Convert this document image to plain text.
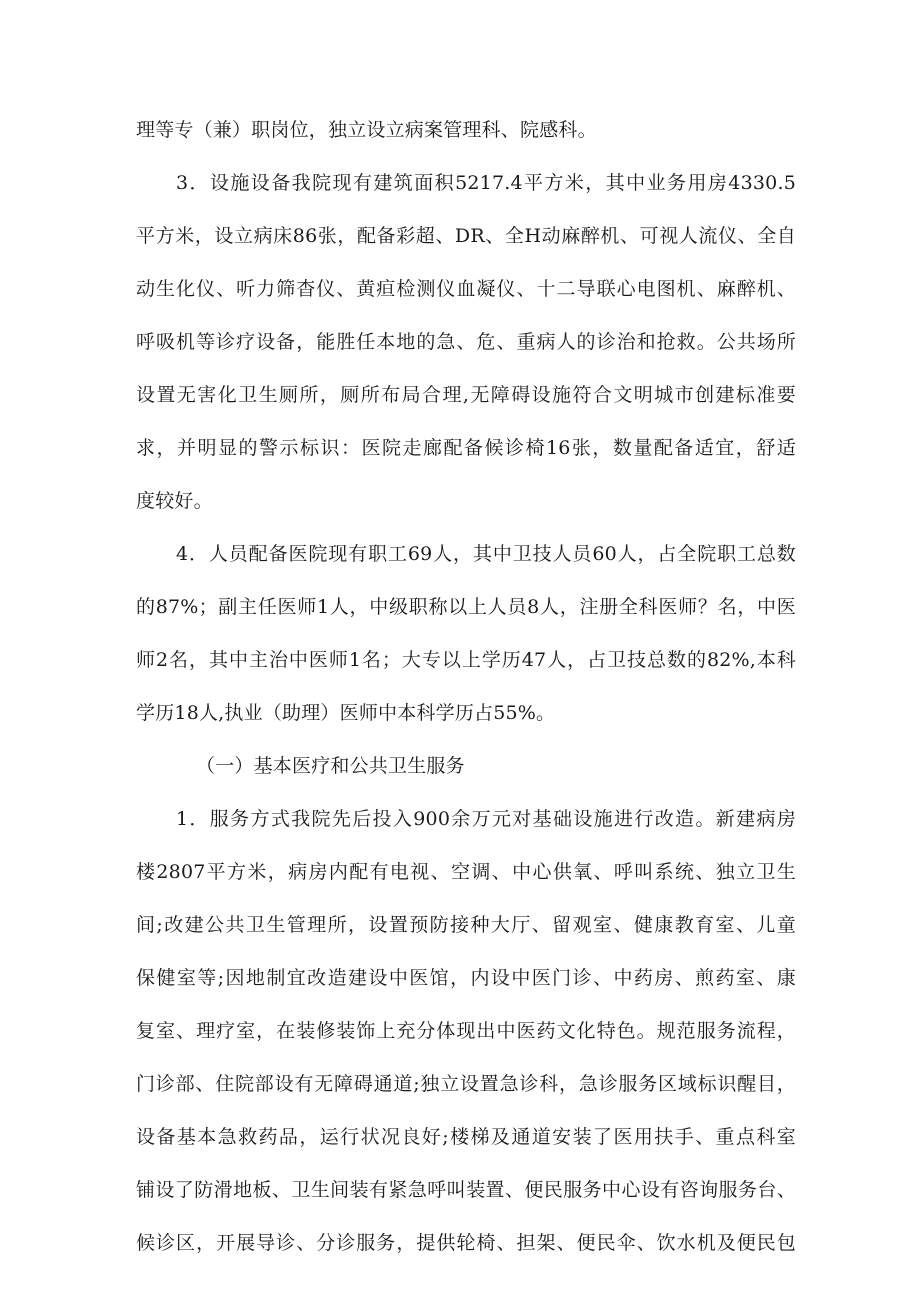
理等专（兼）职岗位，独立设立病案管理科、院感科。
3．设施设备我院现有建筑面积5217.4平方米，其中业务用房4330.5
平方米，设立病床86张，配备彩超、DR、全H动麻醉机、可视人流仪、全自
动生化仪、听力筛杳仪、黄疸检测仪血凝仪、十二导联心电图机、麻醉机、
呼吸机等诊疗设备，能胜任本地的急、危、重病人的诊治和抢救。公共场所
设置无害化卫生厕所，厕所布局合理,无障碍设施符合文明城市创建标准要
求，并明显的警示标识：医院走廊配备候诊椅16张，数量配备适宜，舒适
度较好。
4．人员配备医院现有职工69人，其中卫技人员60人，占全院职工总数
的87%；副主任医师1人，中级职称以上人员8人，注册全科医师？名，中医
师2名，其中主治中医师1名；大专以上学历47人，占卫技总数的82%,本科
学历18人,执业（助理）医师中本科学历占55%。
（一）基本医疗和公共卫生服务
1．服务方式我院先后投入900余万元对基础设施进行改造。新建病房
楼2807平方米，病房内配有电视、空调、中心供氧、呼叫系统、独立卫生
间;改建公共卫生管理所，设置预防接种大厅、留观室、健康教育室、儿童
保健室等;因地制宜改造建设中医馆，内设中医门诊、中药房、煎药室、康
复室、理疗室，在装修装饰上充分体现出中医药文化特色。规范服务流程，
门诊部、住院部设有无障碍通道;独立设置急诊科，急诊服务区域标识醒目，
设备基本急救药品，运行状况良好;楼梯及通道安装了医用扶手、重点科室
铺设了防滑地板、卫生间装有紧急呼叫装置、便民服务中心设有咨询服务台、
候诊区，开展导诊、分诊服务，提供轮椅、担架、便民伞、饮水机及便民包
